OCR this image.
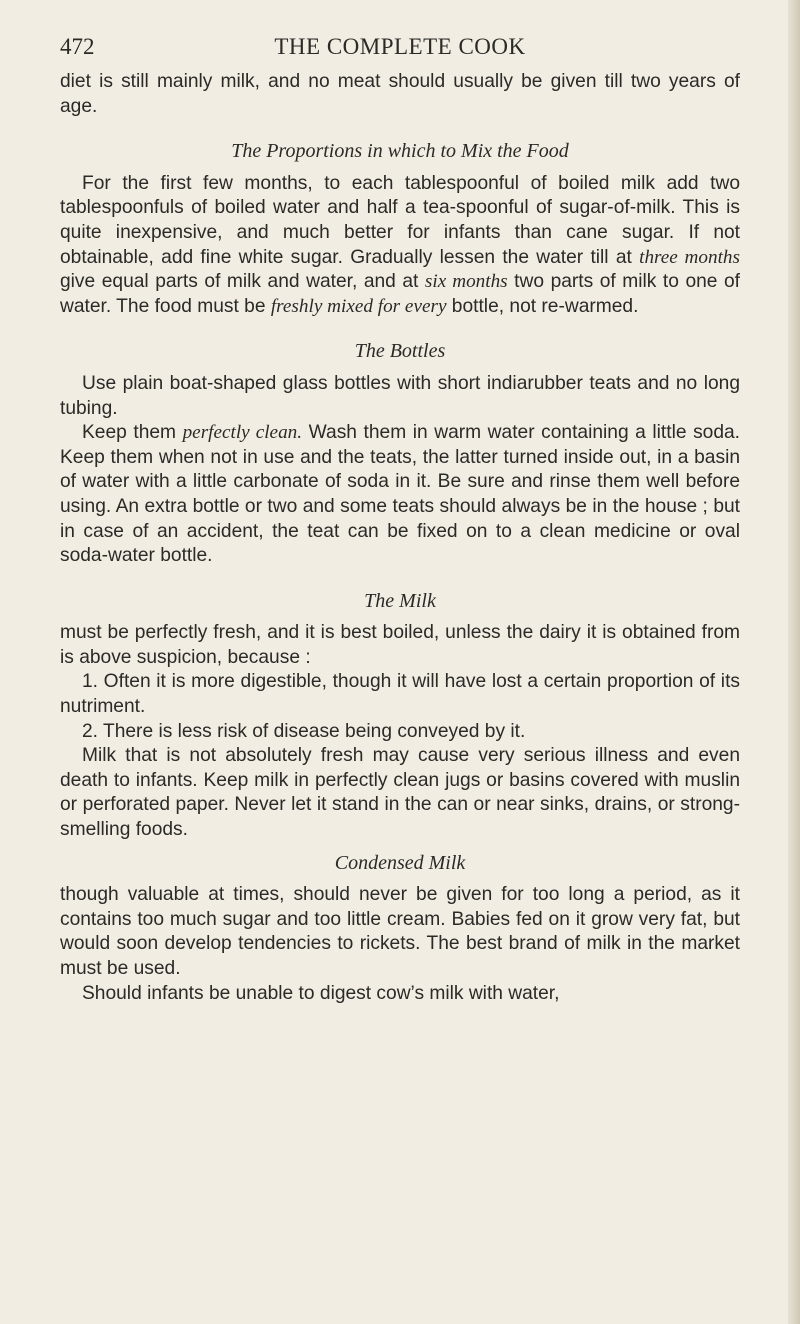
472	THE COMPLETE COOK

diet is still mainly milk, and no meat should usually be given till two years of age.

The Proportions in which to Mix the Food

For the first few months, to each tablespoonful of boiled milk add two tablespoonfuls of boiled water and half a tea-spoonful of sugar-of-milk. This is quite inexpensive, and much better for infants than cane sugar. If not obtainable, add fine white sugar. Gradually lessen the water till at three months give equal parts of milk and water, and at six months two parts of milk to one of water. The food must be freshly mixed for every bottle, not re-warmed.

The Bottles

Use plain boat-shaped glass bottles with short indiarubber teats and no long tubing.

Keep them perfectly clean. Wash them in warm water containing a little soda. Keep them when not in use and the teats, the latter turned inside out, in a basin of water with a little carbonate of soda in it. Be sure and rinse them well before using. An extra bottle or two and some teats should always be in the house ; but in case of an accident, the teat can be fixed on to a clean medicine or oval soda-water bottle.

The Milk

must be perfectly fresh, and it is best boiled, unless the dairy it is obtained from is above suspicion, because :

1. Often it is more digestible, though it will have lost a certain proportion of its nutriment.

2. There is less risk of disease being conveyed by it.

Milk that is not absolutely fresh may cause very serious illness and even death to infants. Keep milk in perfectly clean jugs or basins covered with muslin or perforated paper. Never let it stand in the can or near sinks, drains, or strong-smelling foods.

Condensed Milk

though valuable at times, should never be given for too long a period, as it contains too much sugar and too little cream. Babies fed on it grow very fat, but would soon develop tendencies to rickets. The best brand of milk in the market must be used.

Should infants be unable to digest cow’s milk with water,
